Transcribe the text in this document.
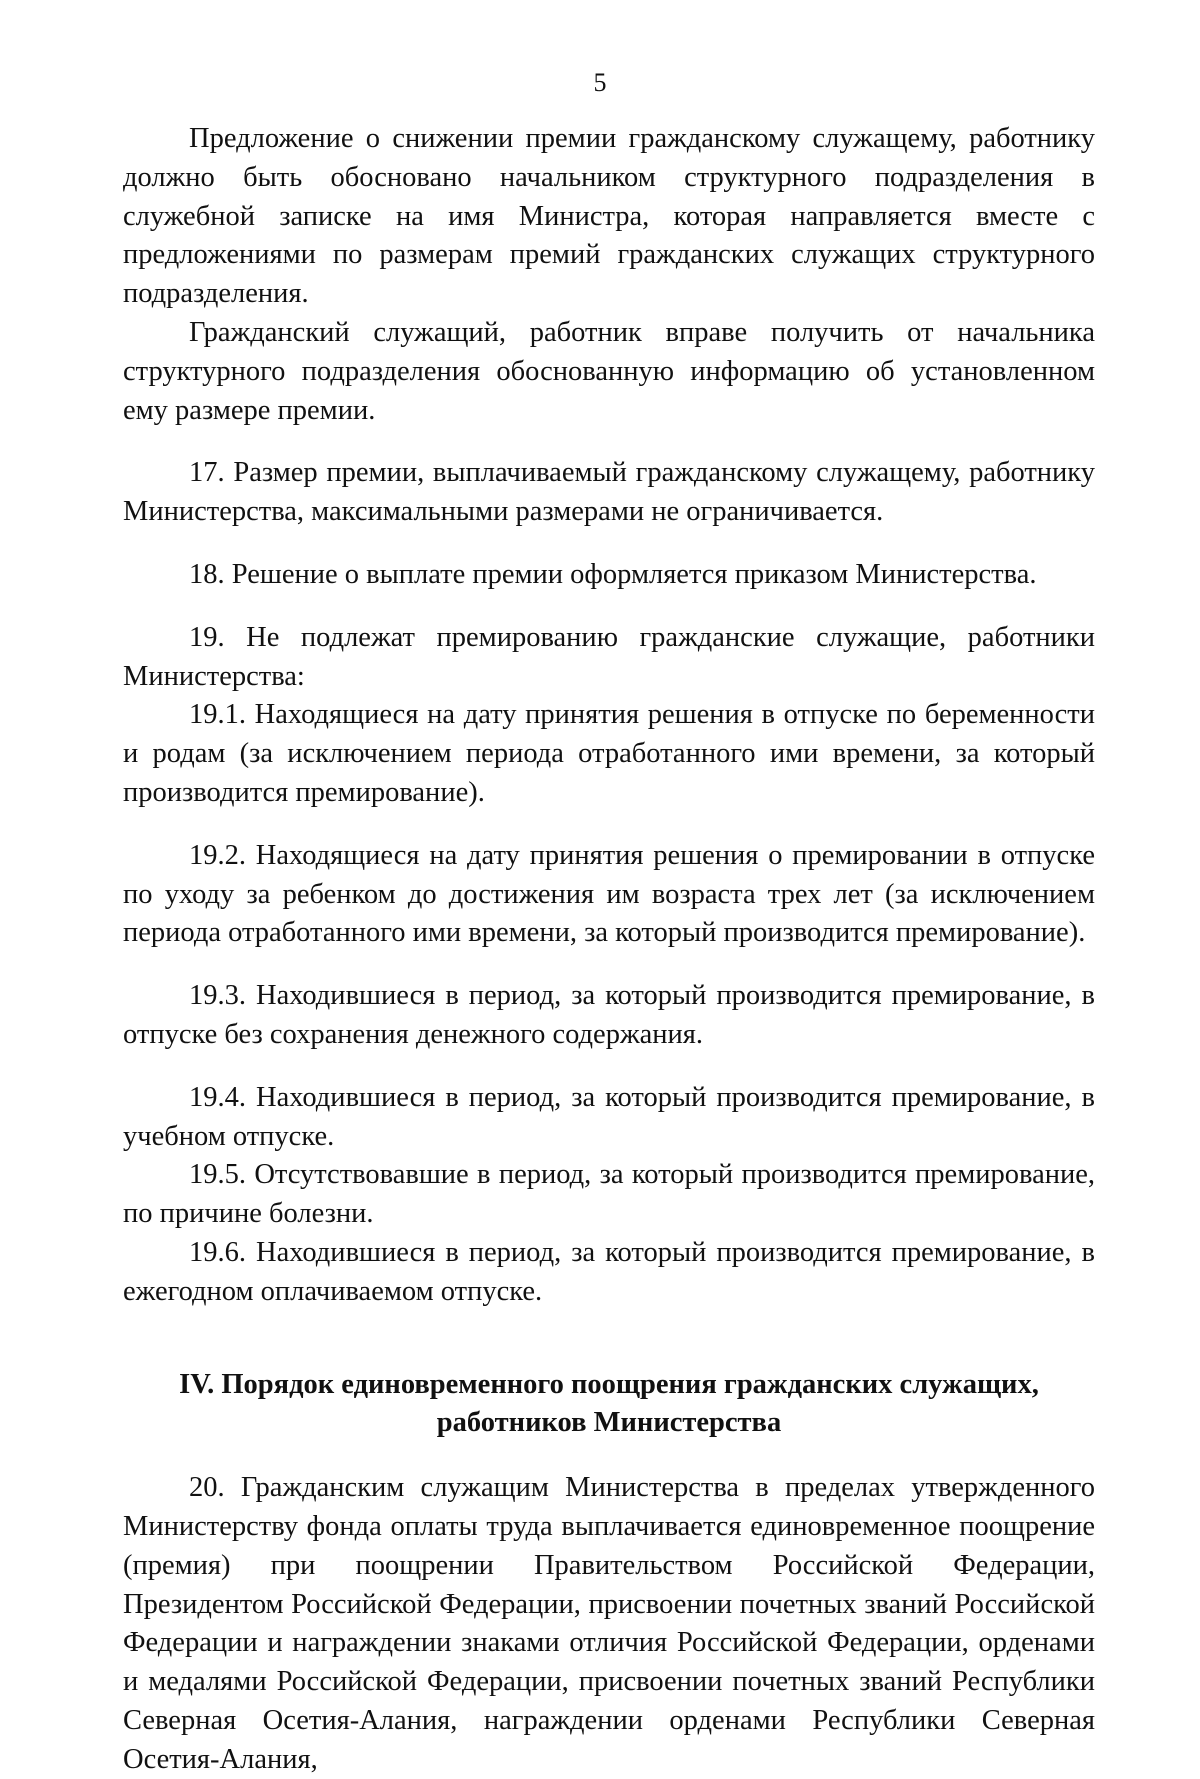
5

Предложение о снижении премии гражданскому служащему, работнику должно быть обосновано начальником структурного подразделения в служебной записке на имя Министра, которая направляется вместе с предложениями по размерам премий гражданских служащих структурного подразделения.

Гражданский служащий, работник вправе получить от начальника структурного подразделения обоснованную информацию об установленном ему размере премии.

17. Размер премии, выплачиваемый гражданскому служащему, работнику Министерства, максимальными размерами не ограничивается.

18. Решение о выплате премии оформляется приказом Министерства.

19. Не подлежат премированию гражданские служащие, работники Министерства:

19.1. Находящиеся на дату принятия решения в отпуске по беременности и родам (за исключением периода отработанного ими времени, за который производится премирование).

19.2. Находящиеся на дату принятия решения о премировании в отпуске по уходу за ребенком до достижения им возраста трех лет (за исключением периода отработанного ими времени, за который производится премирование).

19.3. Находившиеся в период, за который производится премирование, в отпуске без сохранения денежного содержания.

19.4. Находившиеся в период, за который производится премирование, в учебном отпуске.

19.5. Отсутствовавшие в период, за который производится премирование, по причине болезни.

19.6. Находившиеся в период, за который производится премирование, в ежегодном оплачиваемом отпуске.

IV. Порядок единовременного поощрения гражданских служащих,
работников Министерства

20. Гражданским служащим Министерства в пределах утвержденного Министерству фонда оплаты труда выплачивается единовременное поощрение (премия) при поощрении Правительством Российской Федерации, Президентом Российской Федерации, присвоении почетных званий Российской Федерации и награждении знаками отличия Российской Федерации, орденами и медалями Российской Федерации, присвоении почетных званий Республики Северная Осетия-Алания, награждении орденами Республики Северная Осетия-Алания,
